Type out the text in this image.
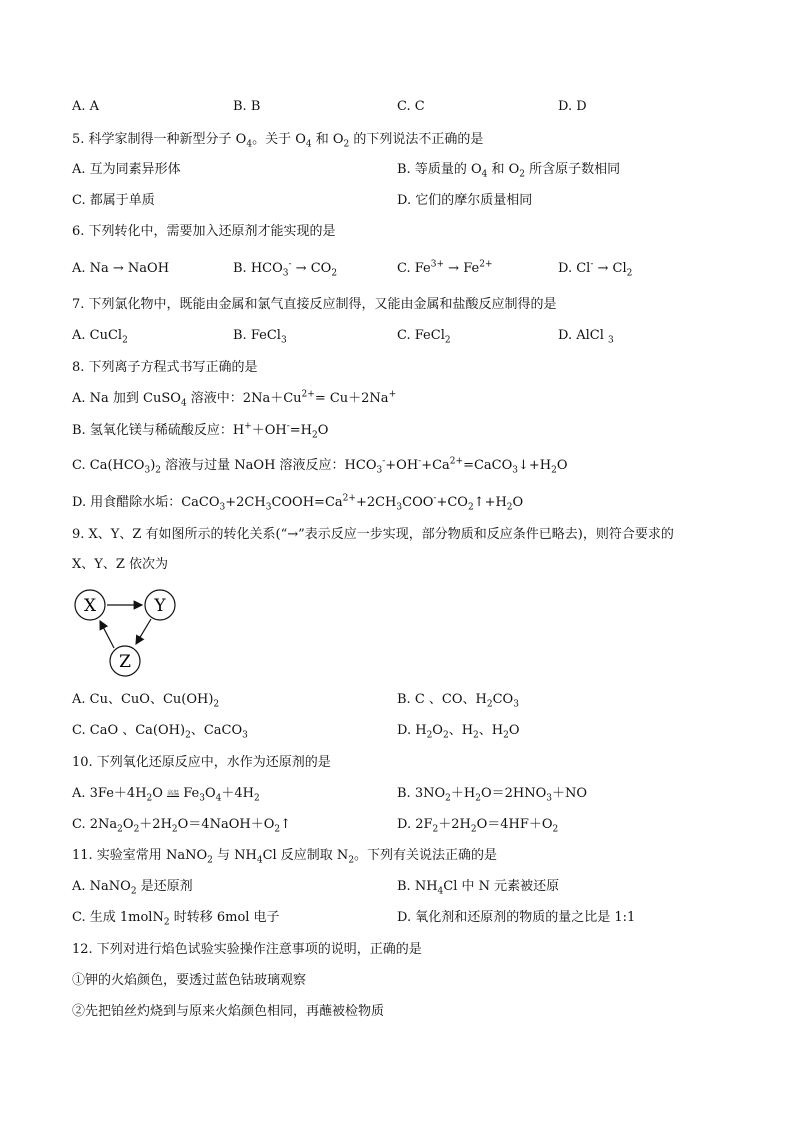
A. A	B. B	C. C	D. D
5. 科学家制得一种新型分子 $O_4$。关于 $O_4$ 和 $O_2$ 的下列说法不正确的是
A. 互为同素异形体	B. 等质量的 $O_4$ 和 $O_2$ 所含原子数相同
C. 都属于单质	D. 它们的摩尔质量相同
6. 下列转化中，需要加入还原剂才能实现的是
A. Na → NaOH	B. $HCO_3^- \to CO_2$	C. $Fe^{3+} \to Fe^{2+}$	D. $Cl^- \to Cl_2$
7. 下列氯化物中，既能由金属和氯气直接反应制得，又能由金属和盐酸反应制得的是
A. CuCl$_2$	B. FeCl$_3$	C. FeCl$_2$	D. AlCl $_3$
8. 下列离子方程式书写正确的是
A. Na 加到 CuSO$_4$ 溶液中：$2Na+Cu^{2+}= Cu+2Na^+$
B. 氢氧化镁与稀硫酸反应：$H^++OH^-=H_2O$
C. $Ca(HCO_3)_2$ 溶液与过量 NaOH 溶液反应：$HCO_3^-+OH^-+Ca^{2+}=CaCO_3↓+H_2O$
D. 用食醋除水垢：$CaCO_3+2CH_3COOH=Ca^{2+}+2CH_3COO^-+CO_2↑+H_2O$
9. X、Y、Z 有如图所示的转化关系(“→”表示反应一步实现，部分物质和反应条件已略去)，则符合要求的
X、Y、Z 依次为
X	Y
Z
A. Cu、CuO、$Cu(OH)_2$	B. C 、CO、$H_2CO_3$
C. CaO 、$Ca(OH)_2$、CaCO$_3$	D. $H_2O_2$、$H_2$、$H_2O$
10. 下列氧化还原反应中，水作为还原剂的是
A. $3Fe+4H_2O$ 高温 $Fe_3O_4+4H_2$	B. $3NO_2+H_2O=2HNO_3+NO$
C. $2Na_2O_2+2H_2O=4NaOH+O_2↑$	D. $2F_2+2H_2O=4HF+O_2$
11. 实验室常用 NaNO$_2$ 与 $NH_4Cl$ 反应制取 $N_2$。下列有关说法正确的是
A. NaNO$_2$ 是还原剂	B. $NH_4Cl$ 中 N 元素被还原
C. 生成 1molN$_2$ 时转移 6mol 电子	D. 氧化剂和还原剂的物质的量之比是 1:1
12. 下列对进行焰色试验实验操作注意事项的说明，正确的是
①钾的火焰颜色，要透过蓝色钴玻璃观察
②先把铂丝灼烧到与原来火焰颜色相同，再蘸被检物质
